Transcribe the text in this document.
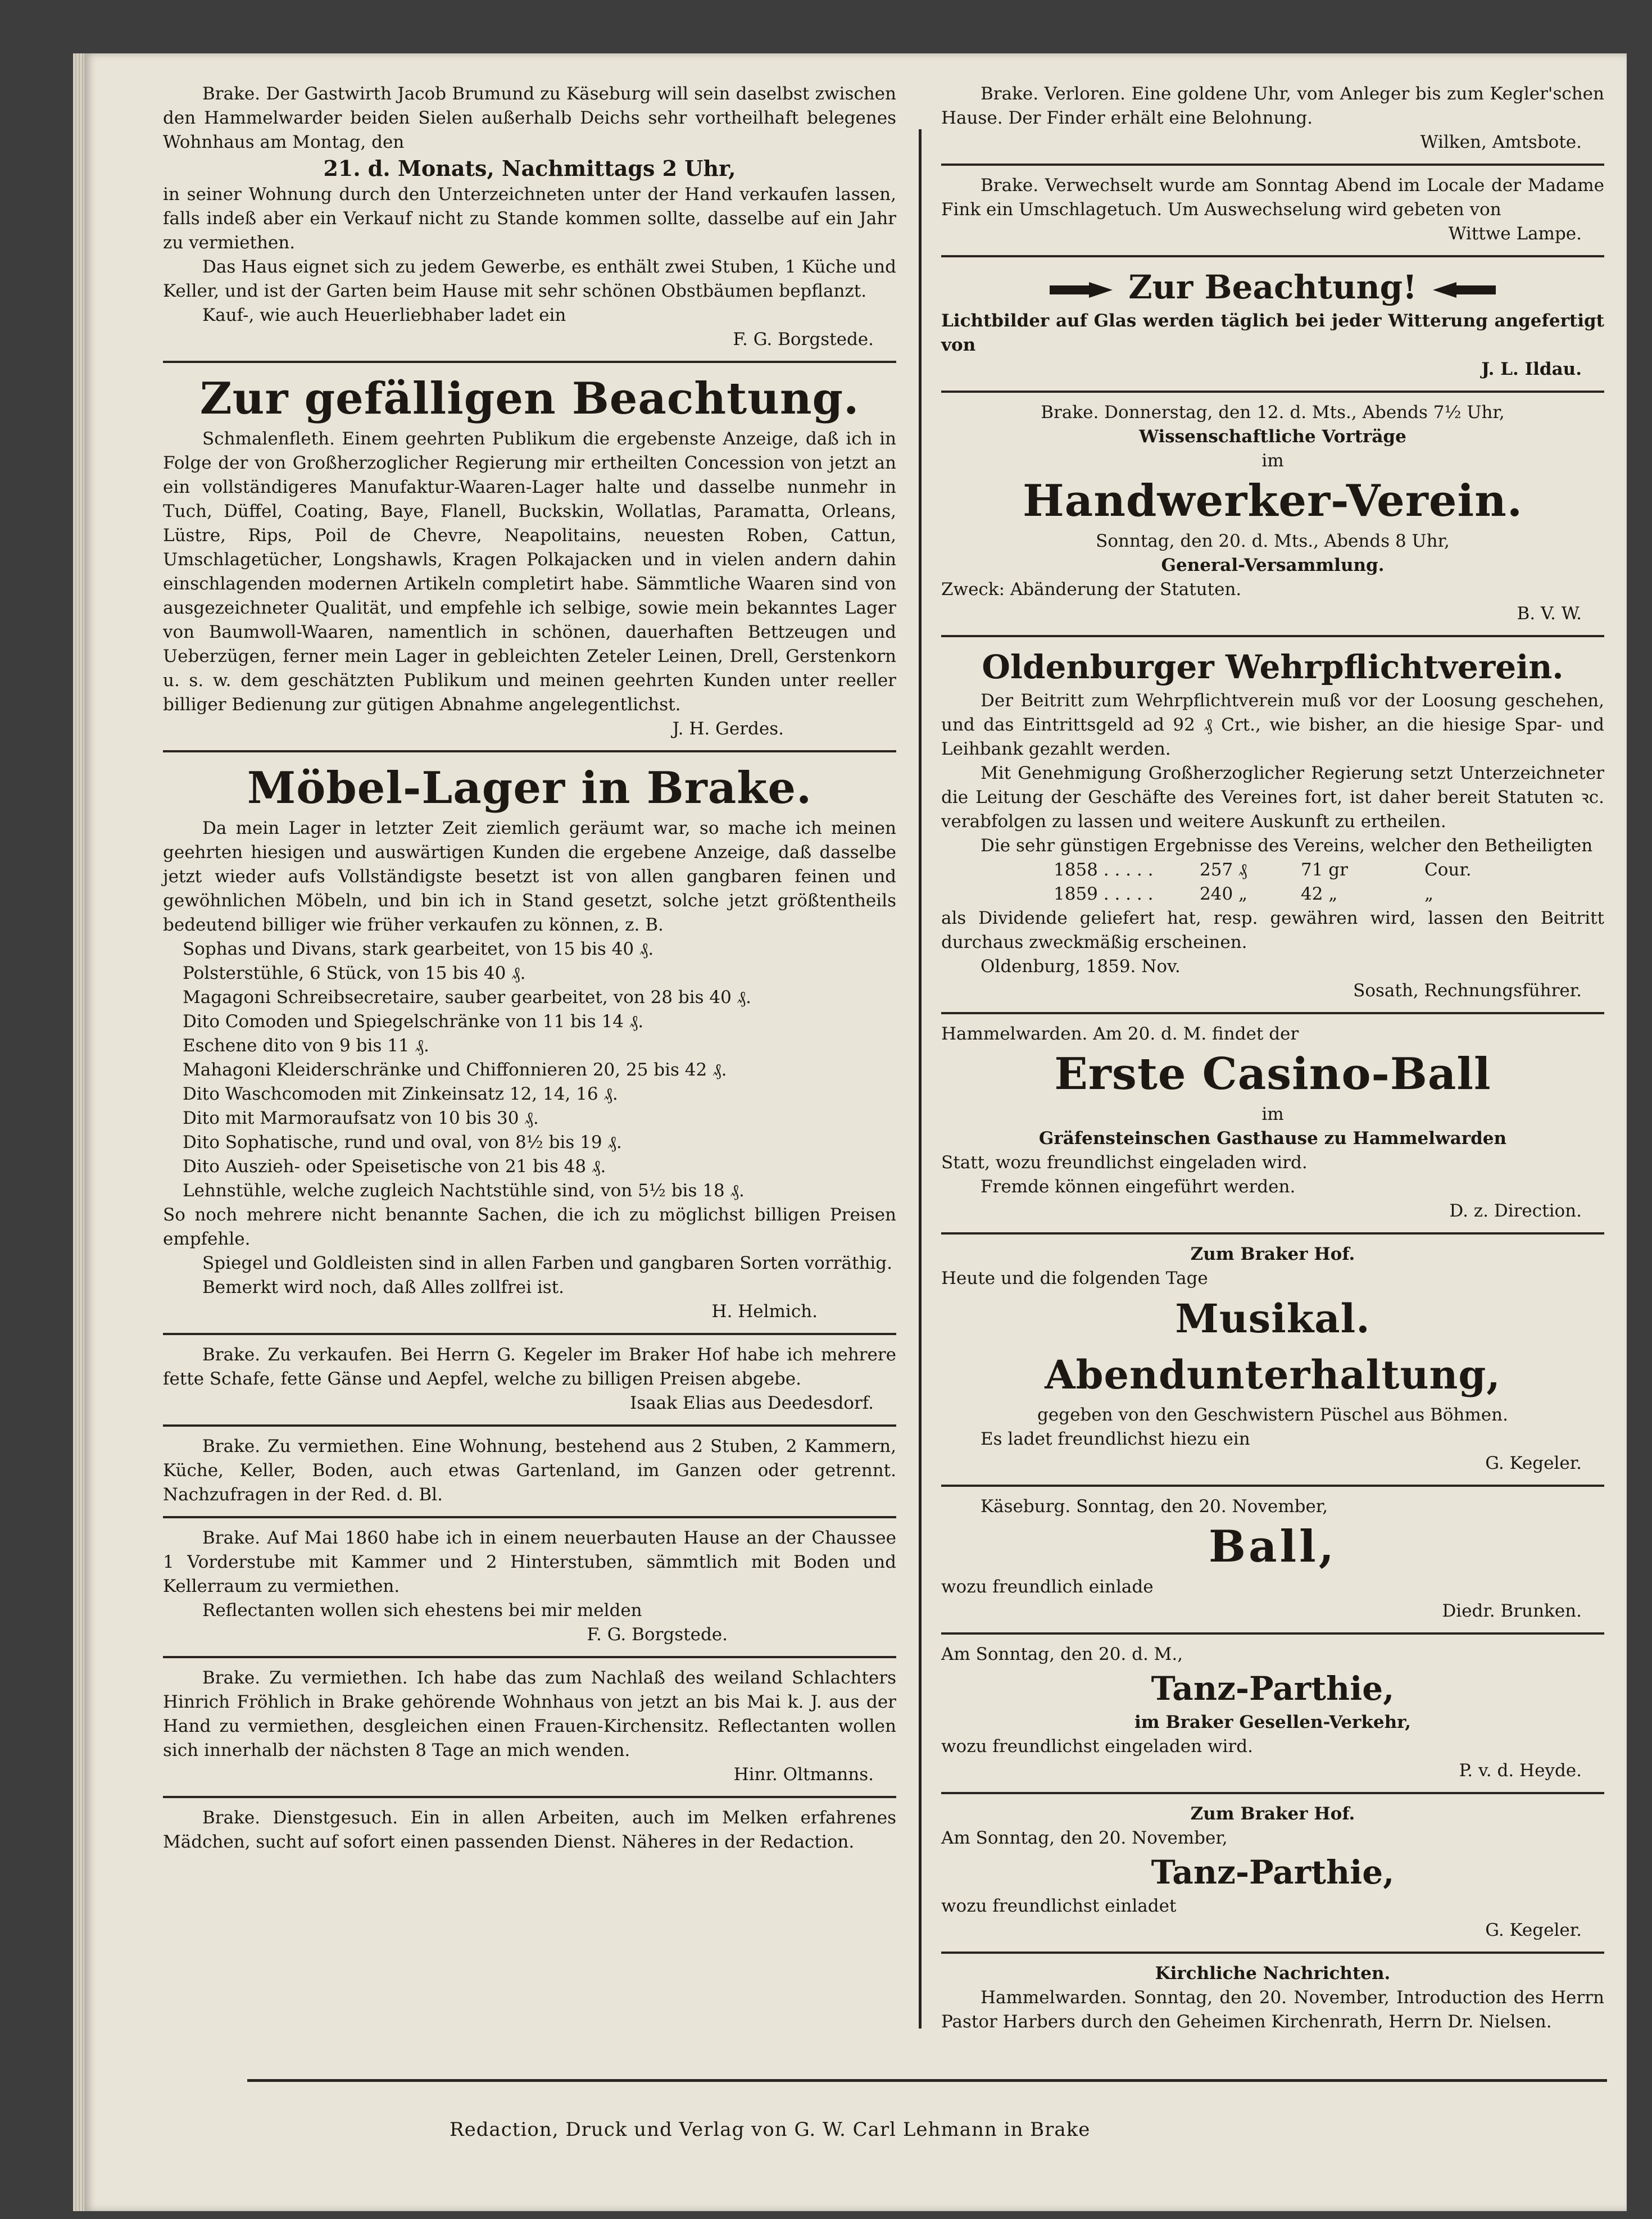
Brake. Der Gastwirth Jacob Brumund zu Käseburg will sein daselbst zwischen den Hammelwarder beiden Sielen außerhalb Deichs sehr vortheilhaft belegenes Wohnhaus am Montag, den

21. d. Monats, Nachmittags 2 Uhr,

in seiner Wohnung durch den Unterzeichneten unter der Hand verkaufen lassen, falls indeß aber ein Verkauf nicht zu Stande kommen sollte, dasselbe auf ein Jahr zu vermiethen.

Das Haus eignet sich zu jedem Gewerbe, es enthält zwei Stuben, 1 Küche und Keller, und ist der Garten beim Hause mit sehr schönen Obstbäumen bepflanzt.

Kauf-, wie auch Heuerliebhaber ladet ein

F. G. Borgstede.

Zur gefälligen Beachtung.

Schmalenfleth. Einem geehrten Publikum die ergebenste Anzeige, daß ich in Folge der von Großherzoglicher Regierung mir ertheilten Concession von jetzt an ein vollständigeres Manufaktur-Waaren-Lager halte und dasselbe nunmehr in Tuch, Düffel, Coating, Baye, Flanell, Buckskin, Wollatlas, Paramatta, Orleans, Lüstre, Rips, Poil de Chevre, Neapolitains, neuesten Roben, Cattun, Umschlagetücher, Longshawls, Kragen Polkajacken und in vielen andern dahin einschlagenden modernen Artikeln completirt habe. Sämmtliche Waaren sind von ausgezeichneter Qualität, und empfehle ich selbige, sowie mein bekanntes Lager von Baumwoll-Waaren, namentlich in schönen, dauerhaften Bettzeugen und Ueberzügen, ferner mein Lager in gebleichten Zeteler Leinen, Drell, Gerstenkorn u. s. w. dem geschätzten Publikum und meinen geehrten Kunden unter reeller billiger Bedienung zur gütigen Abnahme angelegentlichst.

J. H. Gerdes.

Möbel-Lager in Brake.

Da mein Lager in letzter Zeit ziemlich geräumt war, so mache ich meinen geehrten hiesigen und auswärtigen Kunden die ergebene Anzeige, daß dasselbe jetzt wieder aufs Vollständigste besetzt ist von allen gangbaren feinen und gewöhnlichen Möbeln, und bin ich in Stand gesetzt, solche jetzt größtentheils bedeutend billiger wie früher verkaufen zu können, z. B.

Sophas und Divans, stark gearbeitet, von 15 bis 40 ₰.

Polsterstühle, 6 Stück, von 15 bis 40 ₰.

Magagoni Schreibsecretaire, sauber gearbeitet, von 28 bis 40 ₰.

Dito Comoden und Spiegelschränke von 11 bis 14 ₰.

Eschene dito von 9 bis 11 ₰.

Mahagoni Kleiderschränke und Chiffonnieren 20, 25 bis 42 ₰.

Dito Waschcomoden mit Zinkeinsatz 12, 14, 16 ₰.

Dito mit Marmoraufsatz von 10 bis 30 ₰.

Dito Sophatische, rund und oval, von 8½ bis 19 ₰.

Dito Auszieh- oder Speisetische von 21 bis 48 ₰.

Lehnstühle, welche zugleich Nachtstühle sind, von 5½ bis 18 ₰.

So noch mehrere nicht benannte Sachen, die ich zu möglichst billigen Preisen empfehle.

Spiegel und Goldleisten sind in allen Farben und gangbaren Sorten vorräthig.

Bemerkt wird noch, daß Alles zollfrei ist.

H. Helmich.

Brake. Zu verkaufen. Bei Herrn G. Kegeler im Braker Hof habe ich mehrere fette Schafe, fette Gänse und Aepfel, welche zu billigen Preisen abgebe.

Isaak Elias aus Deedesdorf.

Brake. Zu vermiethen. Eine Wohnung, bestehend aus 2 Stuben, 2 Kammern, Küche, Keller, Boden, auch etwas Gartenland, im Ganzen oder getrennt. Nachzufragen in der Red. d. Bl.

Brake. Auf Mai 1860 habe ich in einem neuerbauten Hause an der Chaussee 1 Vorderstube mit Kammer und 2 Hinterstuben, sämmtlich mit Boden und Kellerraum zu vermiethen.

Reflectanten wollen sich ehestens bei mir melden

F. G. Borgstede.

Brake. Zu vermiethen. Ich habe das zum Nachlaß des weiland Schlachters Hinrich Fröhlich in Brake gehörende Wohnhaus von jetzt an bis Mai k. J. aus der Hand zu vermiethen, desgleichen einen Frauen-Kirchensitz. Reflectanten wollen sich innerhalb der nächsten 8 Tage an mich wenden.

Hinr. Oltmanns.

Brake. Dienstgesuch. Ein in allen Arbeiten, auch im Melken erfahrenes Mädchen, sucht auf sofort einen passenden Dienst. Näheres in der Redaction.

Brake. Verloren. Eine goldene Uhr, vom Anleger bis zum Kegler'schen Hause. Der Finder erhält eine Belohnung.

Wilken, Amtsbote.

Brake. Verwechselt wurde am Sonntag Abend im Locale der Madame Fink ein Umschlagetuch. Um Auswechselung wird gebeten von

Wittwe Lampe.

Zur Beachtung!

Lichtbilder auf Glas werden täglich bei jeder Witterung angefertigt von

J. L. Ildau.

Brake. Donnerstag, den 12. d. Mts., Abends 7½ Uhr,

Wissenschaftliche Vorträge

im

Handwerker-Verein.

Sonntag, den 20. d. Mts., Abends 8 Uhr,

General-Versammlung.

Zweck: Abänderung der Statuten.

B. V. W.

Oldenburger Wehrpflichtverein.

Der Beitritt zum Wehrpflichtverein muß vor der Loosung geschehen, und das Eintrittsgeld ad 92 ₰ Crt., wie bisher, an die hiesige Spar- und Leihbank gezahlt werden.

Mit Genehmigung Großherzoglicher Regierung setzt Unterzeichneter die Leitung der Geschäfte des Vereines fort, ist daher bereit Statuten ꝛc. verabfolgen zu lassen und weitere Auskunft zu ertheilen.

Die sehr günstigen Ergebnisse des Vereins, welcher den Betheiligten

1858 . . . . .	257 ₰	71 gr	Cour.
1859 . . . . .	240 „	42 „	„

als Dividende geliefert hat, resp. gewähren wird, lassen den Beitritt durchaus zweckmäßig erscheinen.

Oldenburg, 1859. Nov.

Sosath, Rechnungsführer.

Hammelwarden. Am 20. d. M. findet der

Erste Casino-Ball

im

Gräfensteinschen Gasthause zu Hammelwarden

Statt, wozu freundlichst eingeladen wird.

Fremde können eingeführt werden.

D. z. Direction.

Zum Braker Hof.

Heute und die folgenden Tage

Musikal. Abendunterhaltung,

gegeben von den Geschwistern Püschel aus Böhmen.

Es ladet freundlichst hiezu ein

G. Kegeler.

Käseburg. Sonntag, den 20. November,

Ball,

wozu freundlich einlade

Diedr. Brunken.

Am Sonntag, den 20. d. M.,

Tanz-Parthie,

im Braker Gesellen-Verkehr,

wozu freundlichst eingeladen wird.

P. v. d. Heyde.

Zum Braker Hof.

Am Sonntag, den 20. November,

Tanz-Parthie,

wozu freundlichst einladet

G. Kegeler.

Kirchliche Nachrichten.

Hammelwarden. Sonntag, den 20. November, Introduction des Herrn Pastor Harbers durch den Geheimen Kirchenrath, Herrn Dr. Nielsen.

Redaction, Druck und Verlag von G. W. Carl Lehmann in Brake
